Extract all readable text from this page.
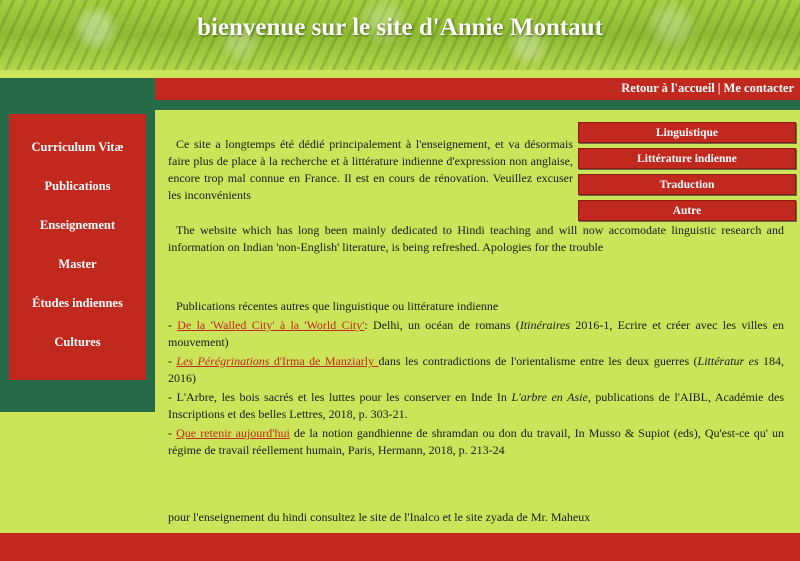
bienvenue sur le site d'Annie Montaut
Retour à l'accueil | Me contacter
Curriculum Vitæ
Publications
Enseignement
Master
Études indiennes
Cultures
Linguistique
Littérature indienne
Traduction
Autre
Ce site a longtemps été dédié principalement à l'enseignement, et va désormais faire plus de place à la recherche et à littérature indienne d'expression non anglaise, encore trop mal connue en France. Il est en cours de rénovation. Veuillez excuser les inconvénients
The website which has long been mainly dedicated to Hindi teaching and will now accomodate linguistic research and information on Indian 'non-English' literature, is being refreshed. Apologies for the trouble
Publications récentes autres que linguistique ou littérature indienne
- De la 'Walled City' à la 'World City': Delhi, un océan de romans (Itinéraires 2016-1, Ecrire et créer avec les villes en mouvement)
- Les Pérégrinations d'Irma de Manziarly dans les contradictions de l'orientalisme entre les deux guerres (Littératur es 184, 2016)
- L'Arbre, les bois sacrés et les luttes pour les conserver en Inde In L'arbre en Asie, publications de l'AIBL, Académie des Inscriptions et des belles Lettres, 2018, p. 303-21.
- Que retenir aujourd'hui de la notion gandhienne de shramdan ou don du travail, In Musso & Supiot (eds), Qu'est-ce qu' un régime de travail réellement humain, Paris, Hermann, 2018, p. 213-24
pour l'enseignement du hindi consultez le site de l'Inalco et le site zyada de Mr. Maheux
